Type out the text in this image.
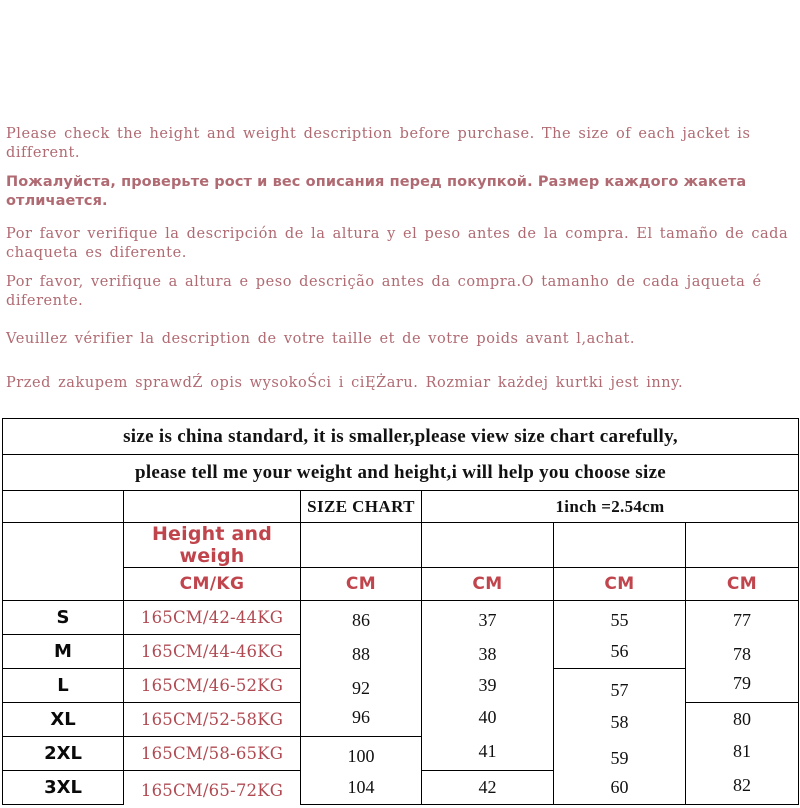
Please check the height and weight description before purchase. The size of each jacket is different.

Пожалуйста, проверьте рост и вес описания перед покупкой. Размер каждого жакета отличается.

Por favor verifique la descripción de la altura y el peso antes de la compra. El tamaño de cada chaqueta es diferente.

Por favor, verifique a altura e peso descrição antes da compra.O tamanho de cada jaqueta é diferente.

Veuillez vérifier la description de votre taille et de votre poids avant l‚achat.

Przed zakupem sprawdŹ opis wysokoŚci i ciĘŻaru. Rozmiar każdej kurtki jest inny.

size is china standard, it is smaller,please view size chart carefully,					
please tell me your weight and height,i will help you choose size					
		SIZE CHART	1inch =2.54cm		
SIZE	Height and weigh	Bust	Shoulder	Sleeve	length
	CM/KG	CM	CM	CM	CM
S	165CM/42-44KG	86	37	55	77
M	165CM/44-46KG	88	38	56	78
L	165CM/46-52KG	92	39	57	79
XL	165CM/52-58KG	96	40	58	80
2XL	165CM/58-65KG	100	41	59	81
3XL	165CM/65-72KG	104	42	60	82
